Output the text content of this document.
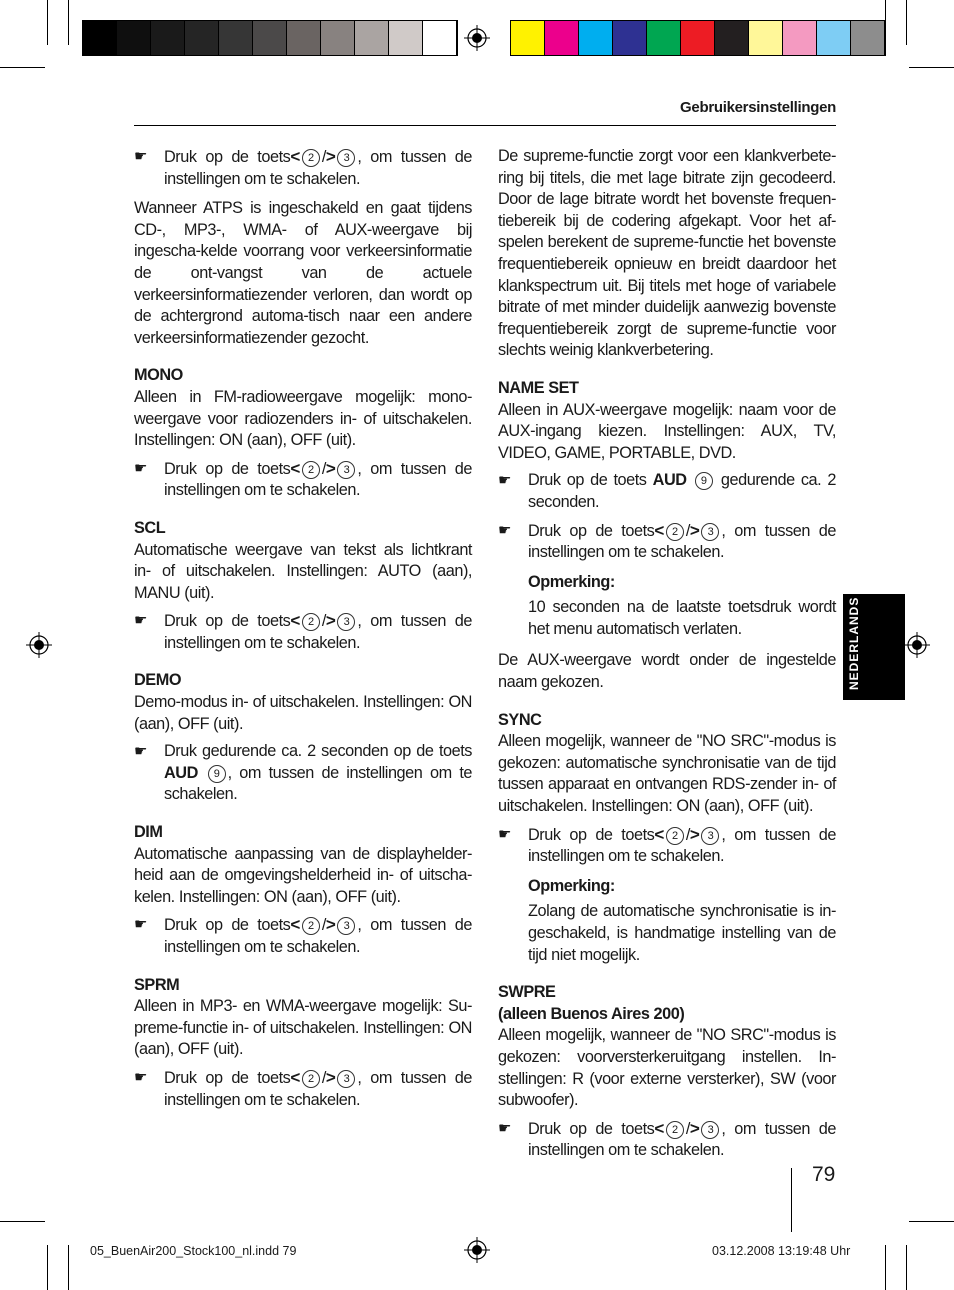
Gebruikersinstellingen
☛ Druk op de toets< 2 /> 3 , om tussen de instellingen om te schakelen.

Wanneer ATPS is ingeschakeld en gaat tijdens CD-, MP3-, WMA- of AUX-weergave bij ingescha-kelde voorrang voor verkeersinformatie de ont-vangst van de actuele verkeersinformatiezender verloren, dan wordt op de achtergrond automa-tisch naar een andere verkeersinformatiezender gezocht.

MONO

Alleen in FM-radioweergave mogelijk: mono-weergave voor radiozenders in- of uitschakelen. Instellingen: ON (aan), OFF (uit).

☛ Druk op de toets< 2 /> 3 , om tussen de instellingen om te schakelen.

SCL

Automatische weergave van tekst als lichtkrant in- of uitschakelen. Instellingen: AUTO (aan), MANU (uit).

☛ Druk op de toets< 2 /> 3 , om tussen de instellingen om te schakelen.

DEMO

Demo-modus in- of uitschakelen. Instellingen: ON (aan), OFF (uit).

☛ Druk gedurende ca. 2 seconden op de toets AUD 9 , om tussen de instellingen om te schakelen.

DIM

Automatische aanpassing van de displayhelder-heid aan de omgevingshelderheid in- of uitscha-kelen. Instellingen: ON (aan), OFF (uit).

☛ Druk op de toets< 2 /> 3 , om tussen de instellingen om te schakelen.

SPRM

Alleen in MP3- en WMA-weergave mogelijk: Su-preme-functie in- of uitschakelen. Instellingen: ON (aan), OFF (uit).

☛ Druk op de toets< 2 /> 3 , om tussen de instellingen om te schakelen.

De supreme-functie zorgt voor een klankverbete-ring bij titels, die met lage bitrate zijn gecodeerd. Door de lage bitrate wordt het bovenste frequen-tiebereik bij de codering afgekapt. Voor het af-spelen berekent de supreme-functie het bovenste frequentiebereik opnieuw en breidt daardoor het klankspectrum uit. Bij titels met hoge of variabele bitrate of met minder duidelijk aanwezig bovenste frequentiebereik zorgt de supreme-functie voor slechts weinig klankverbetering.

NAME SET

Alleen in AUX-weergave mogelijk: naam voor de AUX-ingang kiezen. Instellingen: AUX, TV, VIDEO, GAME, PORTABLE, DVD.

☛ Druk op de toets AUD 9 gedurende ca. 2 seconden.
☛ Druk op de toets< 2 /> 3 , om tussen de instellingen om te schakelen.
Opmerking:

10 seconden na de laatste toetsdruk wordt het menu automatisch verlaten.

De AUX-weergave wordt onder de ingestelde naam gekozen.

SYNC

Alleen mogelijk, wanneer de "NO SRC"-modus is gekozen: automatische synchronisatie van de tijd tussen apparaat en ontvangen RDS-zender in- of uitschakelen. Instellingen: ON (aan), OFF (uit).

☛ Druk op de toets< 2 /> 3 , om tussen de instellingen om te schakelen.
Opmerking:

Zolang de automatische synchronisatie is in-geschakeld, is handmatige instelling van de tijd niet mogelijk.

SWPRE

(alleen Buenos Aires 200)

Alleen mogelijk, wanneer de "NO SRC"-modus is gekozen: voorversterkeruitgang instellen. In-stellingen: R (voor externe versterker), SW (voor subwoofer).

☛ Druk op de toets< 2 /> 3 , om tussen de instellingen om te schakelen.
NEDERLANDS
79
05_BuenAir200_Stock100_nl.indd 79	03.12.2008 13:19:48 Uhr
